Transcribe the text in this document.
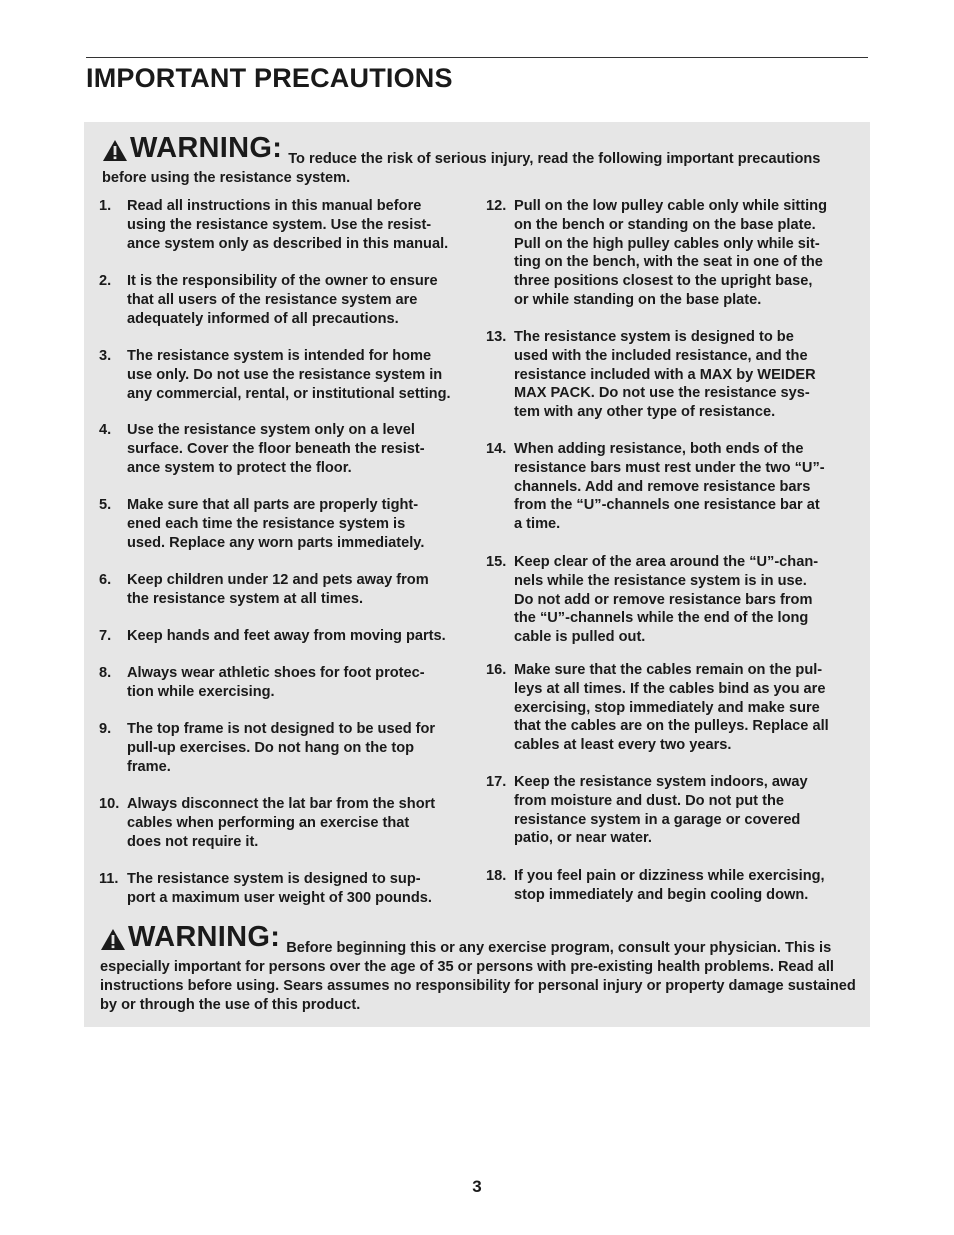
IMPORTANT PRECAUTIONS
WARNING: To reduce the risk of serious injury, read the following important precautions before using the resistance system.
1.	Read all instructions in this manual before
using the resistance system. Use the resist-
ance system only as described in this manual.
2.	It is the responsibility of the owner to ensure
that all users of the resistance system are
adequately informed of all precautions.
3.	The resistance system is intended for home
use only. Do not use the resistance system in
any commercial, rental, or institutional setting.
4.	Use the resistance system only on a level
surface. Cover the floor beneath the resist-
ance system to protect the floor.
5.	Make sure that all parts are properly tight-
ened each time the resistance system is
used. Replace any worn parts immediately.
6.	Keep children under 12 and pets away from
the resistance system at all times.
7.	Keep hands and feet away from moving parts.
8.	Always wear athletic shoes for foot protec-
tion while exercising.
9.	The top frame is not designed to be used for
pull-up exercises. Do not hang on the top
frame.
10. Always disconnect the lat bar from the short
cables when performing an exercise that
does not require it.
11. The resistance system is designed to sup-
port a maximum user weight of 300 pounds.
12. Pull on the low pulley cable only while sitting
on the bench or standing on the base plate.
Pull on the high pulley cables only while sit-
ting on the bench, with the seat in one of the
three positions closest to the upright base,
or while standing on the base plate.
13. The resistance system is designed to be
used with the included resistance, and the
resistance included with a MAX by WEIDER
MAX PACK. Do not use the resistance sys-
tem with any other type of resistance.
14. When adding resistance, both ends of the
resistance bars must rest under the two “U”-
channels. Add and remove resistance bars
from the “U”-channels one resistance bar at
a time.
15. Keep clear of the area around the “U”-chan-
nels while the resistance system is in use.
Do not add or remove resistance bars from
the “U”-channels while the end of the long
cable is pulled out.
16. Make sure that the cables remain on the pul-
leys at all times. If the cables bind as you are
exercising, stop immediately and make sure
that the cables are on the pulleys. Replace all
cables at least every two years.
17. Keep the resistance system indoors, away
from moisture and dust. Do not put the
resistance system in a garage or covered
patio, or near water.
18. If you feel pain or dizziness while exercising,
stop immediately and begin cooling down.
WARNING: Before beginning this or any exercise program, consult your physician. This is especially important for persons over the age of 35 or persons with pre-existing health problems. Read all instructions before using. Sears assumes no responsibility for personal injury or property damage sustained by or through the use of this product.
3
